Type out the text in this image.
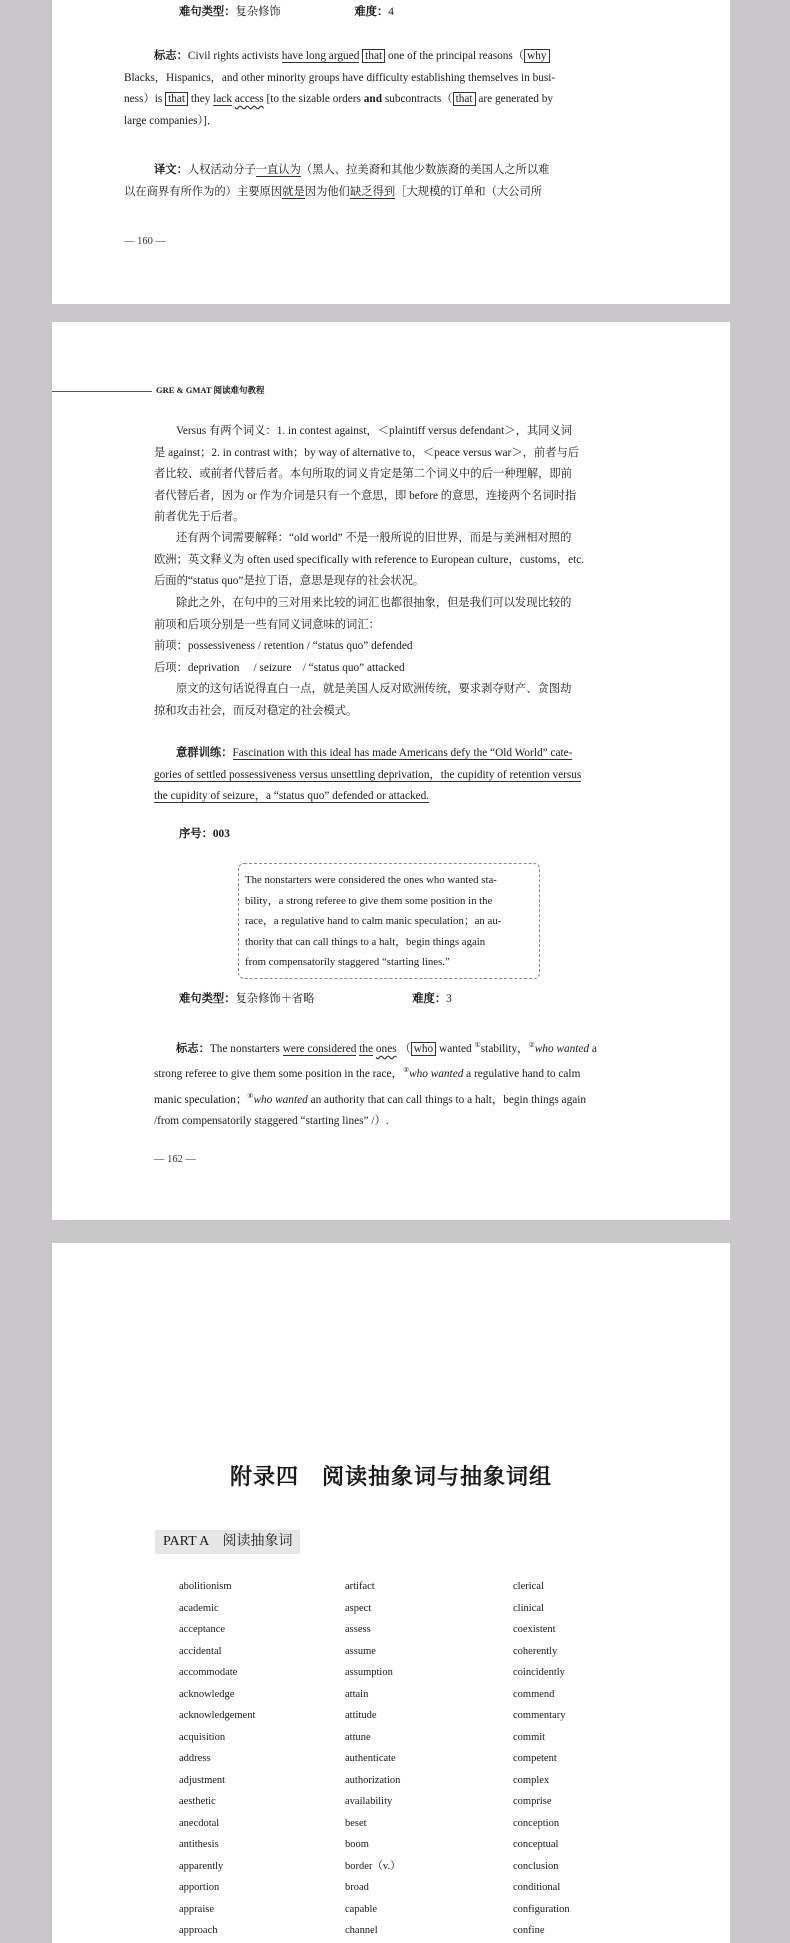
难句类型：复杂修饰	难度：4
标志：Civil rights activists have long argued that one of the principal reasons（ why
Blacks，Hispanics，and other minority groups have difficulty establishing themselves in busi-
ness）is that they lack access [to the sizable orders and subcontracts（ that are generated by
large companies）]．
译文：人权活动分子一直认为（黑人、拉美裔和其他少数族裔的美国人之所以难
以在商界有所作为的）主要原因就是因为他们缺乏得到［大规模的订单和（大公司所
— 160 —
GRE & GMAT 阅读难句教程
Versus 有两个词义：1. in contest against，＜plaintiff versus defendant＞，其同义词
是 against；2. in contrast with；by way of alternative to，＜peace versus war＞，前者与后
者比较、或前者代替后者。本句所取的词义肯定是第二个词义中的后一种理解，即前
者代替后者，因为 or 作为介词是只有一个意思，即 before 的意思，连接两个名词时指
前者优先于后者。
还有两个词需要解释：“old world” 不是一般所说的旧世界，而是与美洲相对照的
欧洲；英文释义为 often used specifically with reference to European culture，customs，etc.
后面的“status quo”是拉丁语，意思是现存的社会状况。
除此之外，在句中的三对用来比较的词汇也都很抽象，但是我们可以发现比较的
前项和后项分别是一些有同义词意味的词汇：
前项：possessiveness / retention / “status quo” defended
后项：deprivation　 / seizure　/ “status quo” attacked
原文的这句话说得直白一点，就是美国人反对欧洲传统，要求剥夺财产、贪图劫
掠和攻击社会，而反对稳定的社会模式。
意群训练：Fascination with this ideal has made Americans defy the “Old World” cate-
gories of settled possessiveness versus unsettling deprivation，the cupidity of retention versus
the cupidity of seizure，a “status quo” defended or attacked.
序号：003
The nonstarters were considered the ones who wanted sta-
bility，a strong referee to give them some position in the
race，a regulative hand to calm manic speculation；an au-
thority that can call things to a halt，begin things again
from compensatorily staggered “starting lines.”
难句类型：复杂修饰＋省略	难度：3
标志：The nonstarters were considered the ones （ who wanted ①stability，②who wanted a
strong referee to give them some position in the race，③who wanted a regulative hand to calm
manic speculation；④who wanted an authority that can call things to a halt，begin things again
/from compensatorily staggered “starting lines” /）.
— 162 —
附录四　阅读抽象词与抽象词组
PART A　阅读抽象词
abolitionism
academic
acceptance
accidental
accommodate
acknowledge
acknowledgement
acquisition
address
adjustment
aesthetic
anecdotal
antithesis
apparently
apportion
appraise
approach
artifact
aspect
assess
assume
assumption
attain
attitude
attune
authenticate
authorization
availability
beset
boom
border（v.）
broad
capable
channel
clerical
clinical
coexistent
coherently
coincidently
commend
commentary
commit
competent
complex
comprise
conception
conceptual
conclusion
conditional
configuration
confine
